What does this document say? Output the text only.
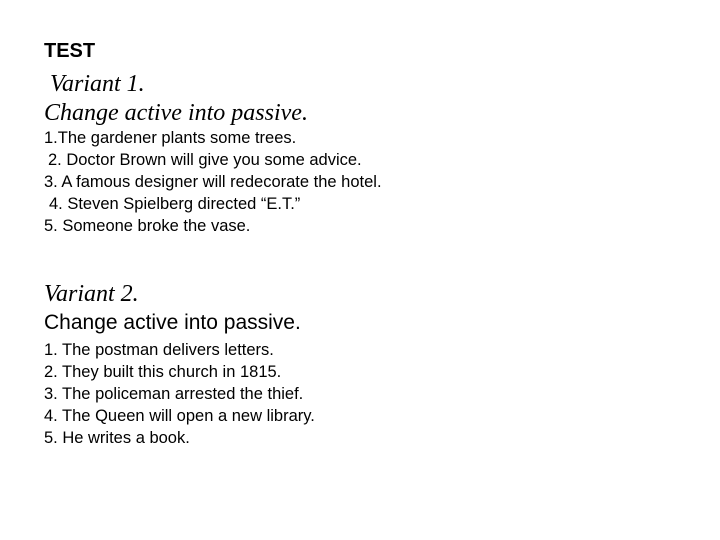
TEST
Variant 1.
Change active into passive.
1.The gardener plants some trees.
2. Doctor Brown will give you some advice.
3. A famous designer will redecorate the hotel.
4. Steven Spielberg directed “E.T.”
5. Someone broke the vase.
Variant 2.
Change active into passive.
1. The postman delivers letters.
2. They built this church in 1815.
3. The policeman arrested the thief.
4. The Queen will open a new library.
5. He writes a book.
